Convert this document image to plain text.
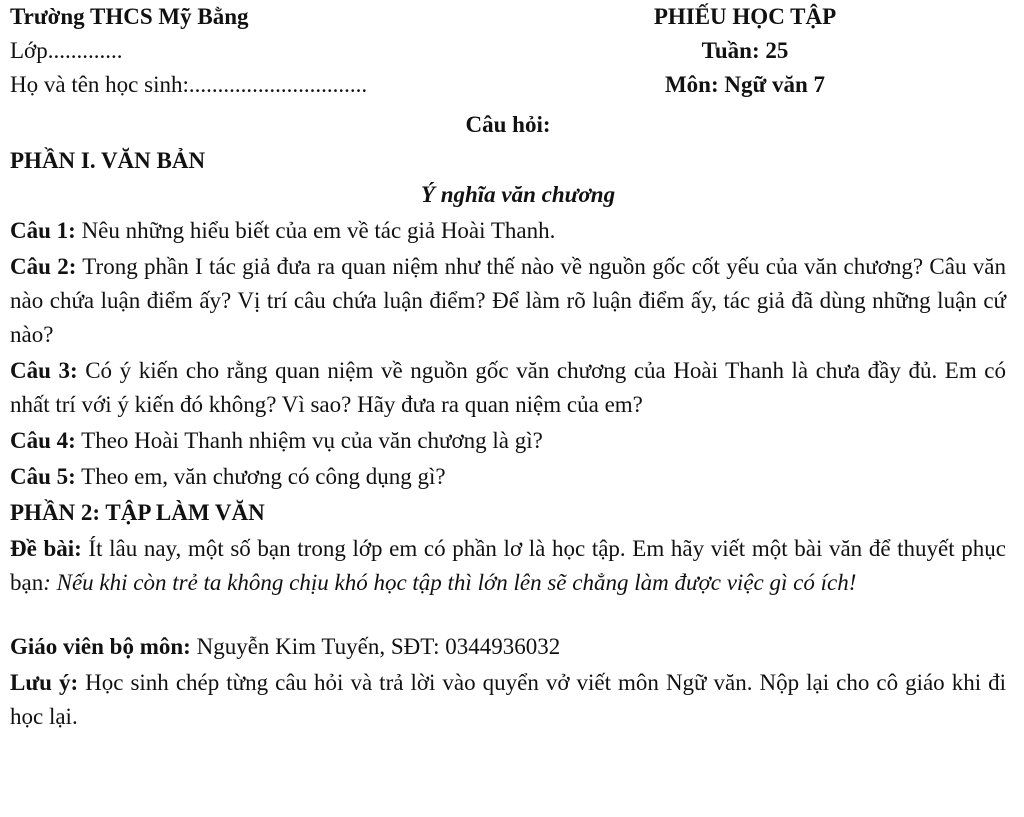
Trường THCS Mỹ Bằng	PHIẾU HỌC TẬP
Lớp.............	Tuần: 25
Họ và tên học sinh:...............................	Môn: Ngữ văn 7
Câu hỏi:
PHẦN I. VĂN BẢN
Ý nghĩa văn chương

Câu 1: Nêu những hiểu biết của em về tác giả Hoài Thanh.

Câu 2: Trong phần I tác giả đưa ra quan niệm như thế nào về nguồn gốc cốt yếu của văn chương? Câu văn nào chứa luận điểm ấy? Vị trí câu chứa luận điểm? Để làm rõ luận điểm ấy, tác giả đã dùng những luận cứ nào?

Câu 3: Có ý kiến cho rằng quan niệm về nguồn gốc văn chương của Hoài Thanh là chưa đầy đủ. Em có nhất trí với ý kiến đó không? Vì sao? Hãy đưa ra quan niệm của em?

Câu 4: Theo Hoài Thanh nhiệm vụ của văn chương là gì?

Câu 5: Theo em, văn chương có công dụng gì?

PHẦN 2: TẬP LÀM VĂN

Đề bài: Ít lâu nay, một số bạn trong lớp em có phần lơ là học tập. Em hãy viết một bài văn để thuyết phục bạn: Nếu khi còn trẻ ta không chịu khó học tập thì lớn lên sẽ chẳng làm được việc gì có ích!

Giáo viên bộ môn: Nguyễn Kim Tuyến, SĐT: 0344936032

Lưu ý: Học sinh chép từng câu hỏi và trả lời vào quyển vở viết môn Ngữ văn. Nộp lại cho cô giáo khi đi học lại.
